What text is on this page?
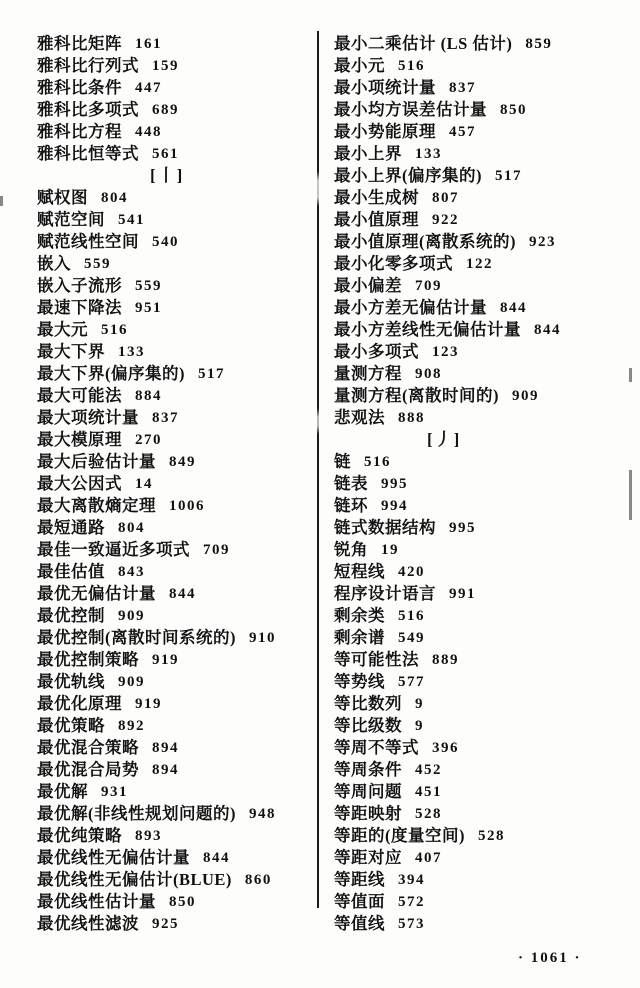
雅科比矩阵 161
雅科比行列式 159
雅科比条件 447
雅科比多项式 689
雅科比方程 448
雅科比恒等式 561
[丨]
赋权图 804
赋范空间 541
赋范线性空间 540
嵌入 559
嵌入子流形 559
最速下降法 951
最大元 516
最大下界 133
最大下界(偏序集的) 517
最大可能法 884
最大项统计量 837
最大模原理 270
最大后验估计量 849
最大公因式 14
最大离散熵定理 1006
最短通路 804
最佳一致逼近多项式 709
最佳估值 843
最优无偏估计量 844
最优控制 909
最优控制(离散时间系统的) 910
最优控制策略 919
最优轨线 909
最优化原理 919
最优策略 892
最优混合策略 894
最优混合局势 894
最优解 931
最优解(非线性规划问题的) 948
最优纯策略 893
最优线性无偏估计量 844
最优线性无偏估计(BLUE) 860
最优线性估计量 850
最优线性滤波 925
最小二乘估计 (LS 估计) 859
最小元 516
最小项统计量 837
最小均方误差估计量 850
最小势能原理 457
最小上界 133
最小上界(偏序集的) 517
最小生成树 807
最小值原理 922
最小值原理(离散系统的) 923
最小化零多项式 122
最小偏差 709
最小方差无偏估计量 844
最小方差线性无偏估计量 844
最小多项式 123
量测方程 908
量测方程(离散时间的) 909
悲观法 888
[丿]
链 516
链表 995
链环 994
链式数据结构 995
锐角 19
短程线 420
程序设计语言 991
剩余类 516
剩余谱 549
等可能性法 889
等势线 577
等比数列 9
等比级数 9
等周不等式 396
等周条件 452
等周问题 451
等距映射 528
等距的(度量空间) 528
等距对应 407
等距线 394
等值面 572
等值线 573
· 1061 ·
